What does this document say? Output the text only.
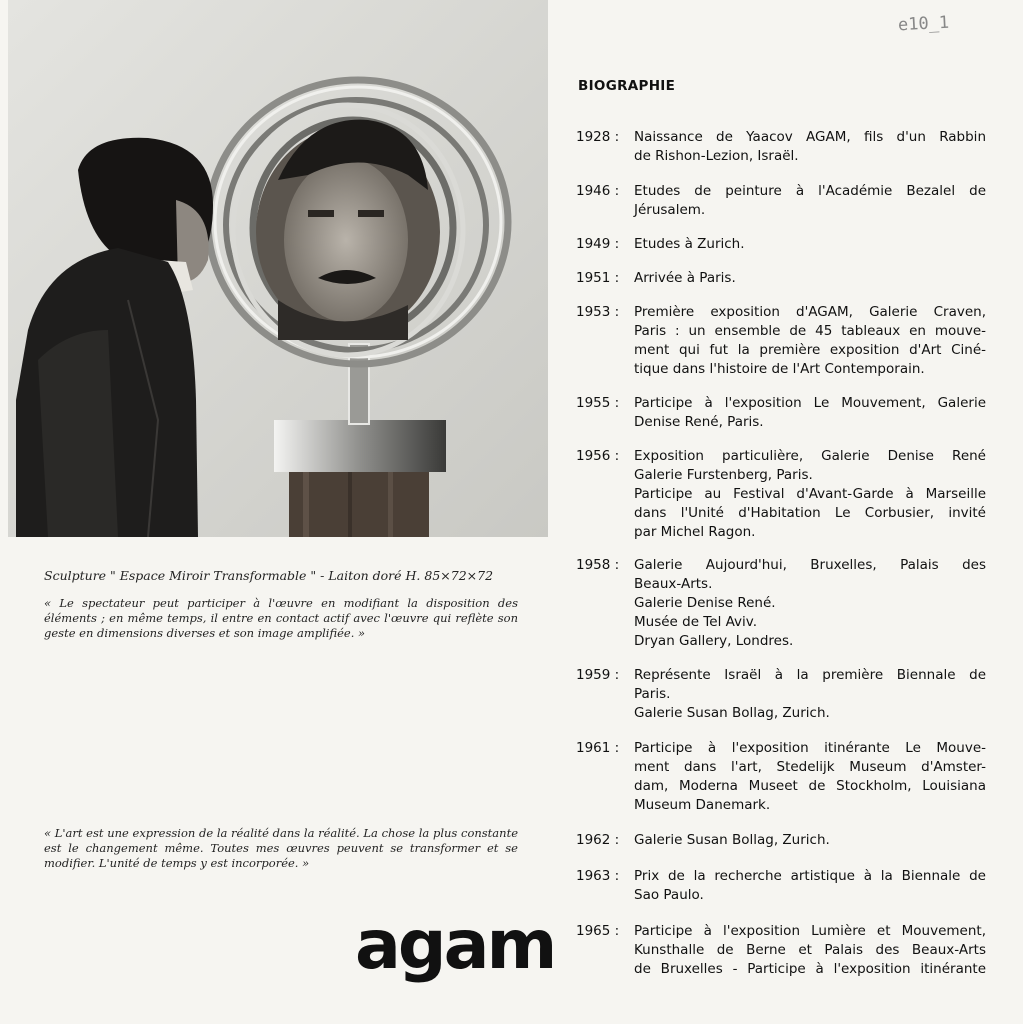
e10_1
Sculpture " Espace Miroir Transformable " - Laiton doré H. 85×72×72
« Le spectateur peut participer à l'œuvre en modifiant la disposition des éléments ; en même temps, il entre en contact actif avec l'œuvre qui reflète son geste en dimensions diverses et son image amplifiée. »
« L'art est une expression de la réalité dans la réalité. La chose la plus constante est le changement même. Toutes mes œuvres peuvent se transformer et se modifier. L'unité de temps y est incorporée. »
agam
BIOGRAPHIE
1928 :	Naissance de Yaacov AGAM, fils d'un Rabbin
de Rishon-Lezion, Israël.
1946 :	Etudes de peinture à l'Académie Bezalel de
Jérusalem.
1949 :	Etudes à Zurich.
1951 :	Arrivée à Paris.
1953 :	Première exposition d'AGAM, Galerie Craven,
Paris : un ensemble de 45 tableaux en mouve-
ment qui fut la première exposition d'Art Ciné-
tique dans l'histoire de l'Art Contemporain.
1955 :	Participe à l'exposition Le Mouvement, Galerie
Denise René, Paris.
1956 :	Exposition particulière, Galerie Denise René
Galerie Furstenberg, Paris.
Participe au Festival d'Avant-Garde à Marseille
dans l'Unité d'Habitation Le Corbusier, invité
par Michel Ragon.
1958 :	Galerie Aujourd'hui, Bruxelles, Palais des
Beaux-Arts.
Galerie Denise René.
Musée de Tel Aviv.
Dryan Gallery, Londres.
1959 :	Représente Israël à la première Biennale de
Paris.
Galerie Susan Bollag, Zurich.
1961 :	Participe à l'exposition itinérante Le Mouve-
ment dans l'art, Stedelijk Museum d'Amster-
dam, Moderna Museet de Stockholm, Louisiana
Museum Danemark.
1962 :	Galerie Susan Bollag, Zurich.
1963 :	Prix de la recherche artistique à la Biennale de
Sao Paulo.
1965 :	Participe à l'exposition Lumière et Mouvement,
Kunsthalle de Berne et Palais des Beaux-Arts
de Bruxelles - Participe à l'exposition itinérante
